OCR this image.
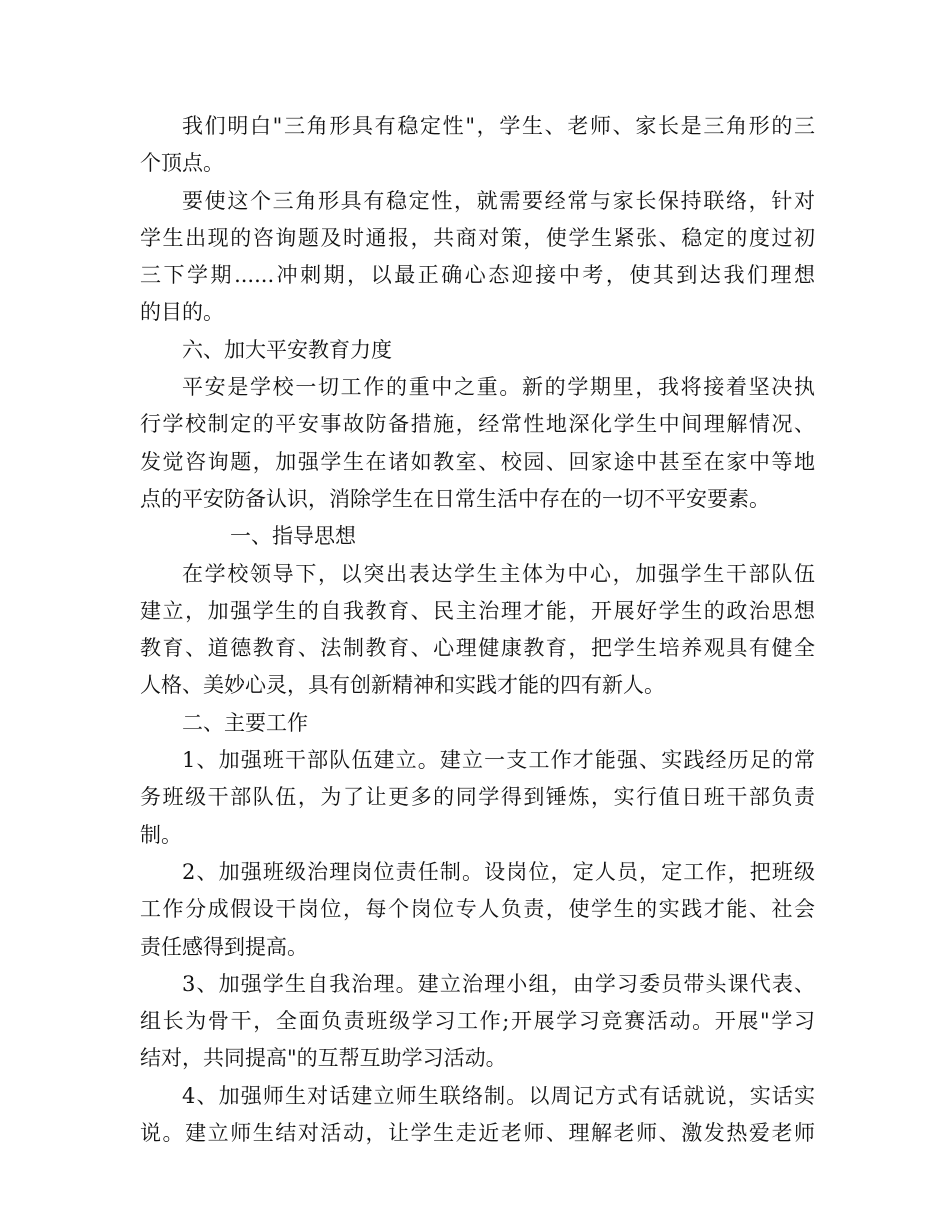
我们明白"三角形具有稳定性"，学生、老师、家长是三角形的三
个顶点。
要使这个三角形具有稳定性，就需要经常与家长保持联络，针对
学生出现的咨询题及时通报，共商对策，使学生紧张、稳定的度过初
三下学期......冲刺期，以最正确心态迎接中考，使其到达我们理想
的目的。

六、加大平安教育力度

平安是学校一切工作的重中之重。新的学期里，我将接着坚决执
行学校制定的平安事故防备措施，经常性地深化学生中间理解情况、
发觉咨询题，加强学生在诸如教室、校园、回家途中甚至在家中等地
点的平安防备认识，消除学生在日常生活中存在的一切不平安要素。

一、指导思想

在学校领导下，以突出表达学生主体为中心，加强学生干部队伍
建立，加强学生的自我教育、民主治理才能，开展好学生的政治思想
教育、道德教育、法制教育、心理健康教育，把学生培养观具有健全
人格、美妙心灵，具有创新精神和实践才能的四有新人。

二、主要工作

1、加强班干部队伍建立。建立一支工作才能强、实践经历足的常
务班级干部队伍，为了让更多的同学得到锤炼，实行值日班干部负责
制。
2、加强班级治理岗位责任制。设岗位，定人员，定工作，把班级
工作分成假设干岗位，每个岗位专人负责，使学生的实践才能、社会
责任感得到提高。
3、加强学生自我治理。建立治理小组，由学习委员带头课代表、
组长为骨干，全面负责班级学习工作;开展学习竞赛活动。开展"学习
结对，共同提高"的互帮互助学习活动。
4、加强师生对话建立师生联络制。以周记方式有话就说，实话实
说。建立师生结对活动，让学生走近老师、理解老师、激发热爱老师
